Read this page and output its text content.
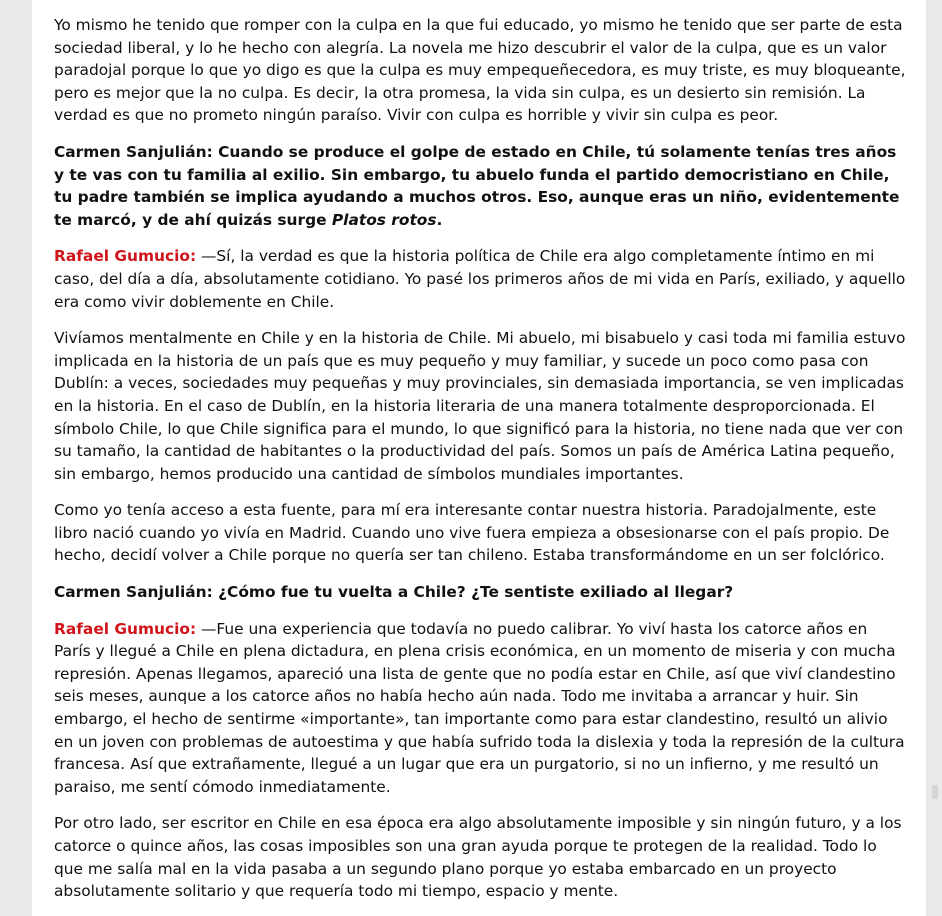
Yo mismo he tenido que romper con la culpa en la que fui educado, yo mismo he tenido que ser parte de esta sociedad liberal, y lo he hecho con alegría. La novela me hizo descubrir el valor de la culpa, que es un valor paradojal porque lo que yo digo es que la culpa es muy empequeñecedora, es muy triste, es muy bloqueante, pero es mejor que la no culpa. Es decir, la otra promesa, la vida sin culpa, es un desierto sin remisión. La verdad es que no prometo ningún paraíso. Vivir con culpa es horrible y vivir sin culpa es peor.

Carmen Sanjulián: Cuando se produce el golpe de estado en Chile, tú solamente tenías tres años y te vas con tu familia al exilio. Sin embargo, tu abuelo funda el partido democristiano en Chile, tu padre también se implica ayudando a muchos otros. Eso, aunque eras un niño, evidentemente te marcó, y de ahí quizás surge Platos rotos.

Rafael Gumucio: —Sí, la verdad es que la historia política de Chile era algo completamente íntimo en mi caso, del día a día, absolutamente cotidiano. Yo pasé los primeros años de mi vida en París, exiliado, y aquello era como vivir doblemente en Chile.

Vivíamos mentalmente en Chile y en la historia de Chile. Mi abuelo, mi bisabuelo y casi toda mi familia estuvo implicada en la historia de un país que es muy pequeño y muy familiar, y sucede un poco como pasa con Dublín: a veces, sociedades muy pequeñas y muy provinciales, sin demasiada importancia, se ven implicadas en la historia. En el caso de Dublín, en la historia literaria de una manera totalmente desproporcionada. El símbolo Chile, lo que Chile significa para el mundo, lo que significó para la historia, no tiene nada que ver con su tamaño, la cantidad de habitantes o la productividad del país. Somos un país de América Latina pequeño, sin embargo, hemos producido una cantidad de símbolos mundiales importantes.

Como yo tenía acceso a esta fuente, para mí era interesante contar nuestra historia. Paradojalmente, este libro nació cuando yo vivía en Madrid. Cuando uno vive fuera empieza a obsesionarse con el país propio. De hecho, decidí volver a Chile porque no quería ser tan chileno. Estaba transformándome en un ser folclórico.

Carmen Sanjulián: ¿Cómo fue tu vuelta a Chile? ¿Te sentiste exiliado al llegar?

Rafael Gumucio: —Fue una experiencia que todavía no puedo calibrar. Yo viví hasta los catorce años en París y llegué a Chile en plena dictadura, en plena crisis económica, en un momento de miseria y con mucha represión. Apenas llegamos, apareció una lista de gente que no podía estar en Chile, así que viví clandestino seis meses, aunque a los catorce años no había hecho aún nada. Todo me invitaba a arrancar y huir. Sin embargo, el hecho de sentirme «importante», tan importante como para estar clandestino, resultó un alivio en un joven con problemas de autoestima y que había sufrido toda la dislexia y toda la represión de la cultura francesa. Así que extrañamente, llegué a un lugar que era un purgatorio, si no un infierno, y me resultó un paraiso, me sentí cómodo inmediatamente.

Por otro lado, ser escritor en Chile en esa época era algo absolutamente imposible y sin ningún futuro, y a los catorce o quince años, las cosas imposibles son una gran ayuda porque te protegen de la realidad. Todo lo que me salía mal en la vida pasaba a un segundo plano porque yo estaba embarcado en un proyecto absolutamente solitario y que requería todo mi tiempo, espacio y mente.
